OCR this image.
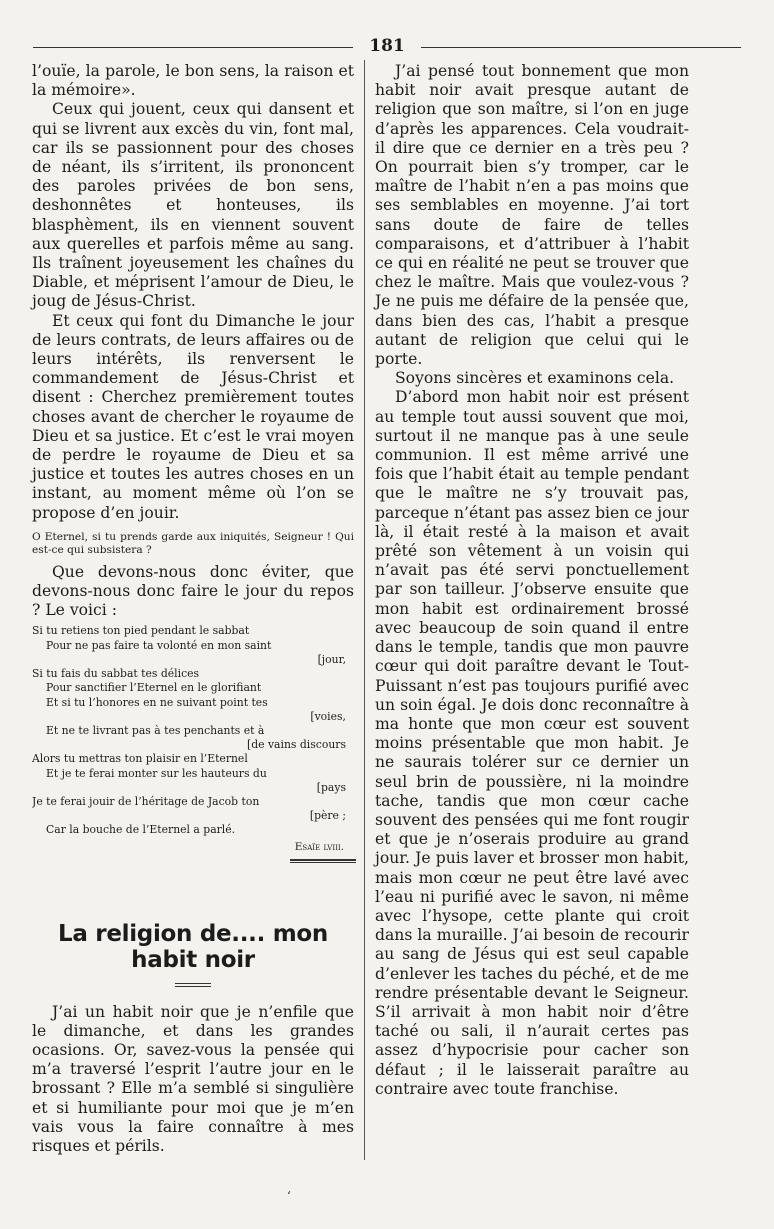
181

l’ouïe, la parole, le bon sens, la raison et la mémoire».

Ceux qui jouent, ceux qui dansent et qui se livrent aux excès du vin, font mal, car ils se passionnent pour des choses de néant, ils s’irritent, ils prononcent des paroles privées de bon sens, deshonnêtes et honteuses, ils blasphèment, ils en viennent souvent aux querelles et parfois même au sang. Ils traînent joyeusement les chaînes du Diable, et méprisent l’amour de Dieu, le joug de Jésus-Christ.

Et ceux qui font du Dimanche le jour de leurs contrats, de leurs affaires ou de leurs intérêts, ils renversent le commandement de Jésus-Christ et disent : Cherchez premièrement toutes choses avant de chercher le royaume de Dieu et sa justice. Et c’est le vrai moyen de perdre le royaume de Dieu et sa justice et toutes les autres choses en un instant, au moment même où l’on se propose d’en jouir.

O Eternel, si tu prends garde aux iniquités, Seigneur ! Qui est-ce qui subsistera ?

Que devons-nous donc éviter, que devons-nous donc faire le jour du repos ? Le voici :

Si tu retiens ton pied pendant le sabbat
Pour ne pas faire ta volonté en mon saint
[jour,
Si tu fais du sabbat tes délices
Pour sanctifier l’Eternel en le glorifiant
Et si tu l’honores en ne suivant point tes
[voies,
Et ne te livrant pas à tes penchants et à
[de vains discours
Alors tu mettras ton plaisir en l’Eternel
Et je te ferai monter sur les hauteurs du
[pays
Je te ferai jouir de l’héritage de Jacob ton
[père ;
Car la bouche de l’Eternel a parlé.
Esaïe lviii.
La religion de.... mon habit noir

J’ai un habit noir que je n’enfile que le dimanche, et dans les grandes ocasions. Or, savez-vous la pensée qui m’a traversé l’esprit l’autre jour en le brossant ? Elle m’a semblé si singulière et si humiliante pour moi que je m’en vais vous la faire connaître à mes risques et périls.

J’ai pensé tout bonnement que mon habit noir avait presque autant de religion que son maître, si l’on en juge d’après les apparences. Cela voudrait-il dire que ce dernier en a très peu ? On pourrait bien s’y tromper, car le maître de l’habit n’en a pas moins que ses semblables en moyenne. J’ai tort sans doute de faire de telles comparaisons, et d’attribuer à l’habit ce qui en réalité ne peut se trouver que chez le maître. Mais que voulez-vous ? Je ne puis me défaire de la pensée que, dans bien des cas, l’habit a presque autant de religion que celui qui le porte.

Soyons sincères et examinons cela.

D’abord mon habit noir est présent au temple tout aussi souvent que moi, surtout il ne manque pas à une seule communion. Il est même arrivé une fois que l’habit était au temple pendant que le maître ne s’y trouvait pas, parceque n’étant pas assez bien ce jour là, il était resté à la maison et avait prêté son vêtement à un voisin qui n’avait pas été servi ponctuellement par son tailleur. J’observe ensuite que mon habit est ordinairement brossé avec beaucoup de soin quand il entre dans le temple, tandis que mon pauvre cœur qui doit paraître devant le Tout-Puissant n’est pas toujours purifié avec un soin égal. Je dois donc reconnaître à ma honte que mon cœur est souvent moins présentable que mon habit. Je ne saurais tolérer sur ce dernier un seul brin de poussière, ni la moindre tache, tandis que mon cœur cache souvent des pensées qui me font rougir et que je n’oserais produire au grand jour. Je puis laver et brosser mon habit, mais mon cœur ne peut être lavé avec l’eau ni purifié avec le savon, ni même avec l’hysope, cette plante qui croit dans la muraille. J’ai besoin de recourir au sang de Jésus qui est seul capable d’enlever les taches du péché, et de me rendre présentable devant le Seigneur. S’il arrivait à mon habit noir d’être taché ou sali, il n’aurait certes pas assez d’hypocrisie pour cacher son défaut ; il le laisserait paraître au contraire avec toute franchise.

‘
